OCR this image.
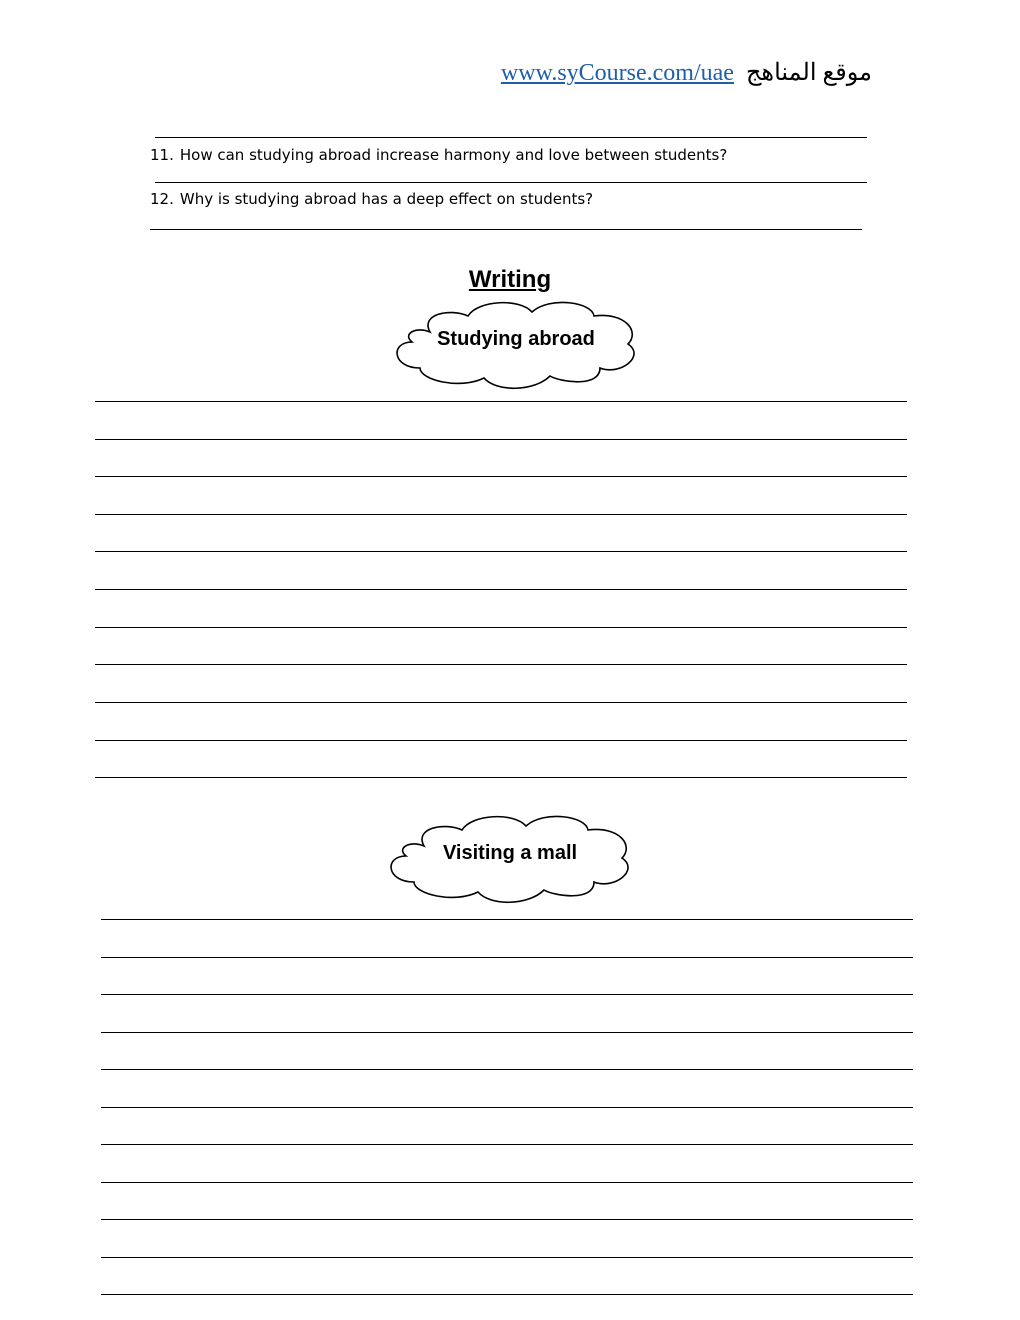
www.syCourse.com/uae موقع المناهج
11. How can studying abroad increase harmony and love between students?
12. Why is studying abroad has a deep effect on students?
Writing
Studying abroad
Visiting a mall
